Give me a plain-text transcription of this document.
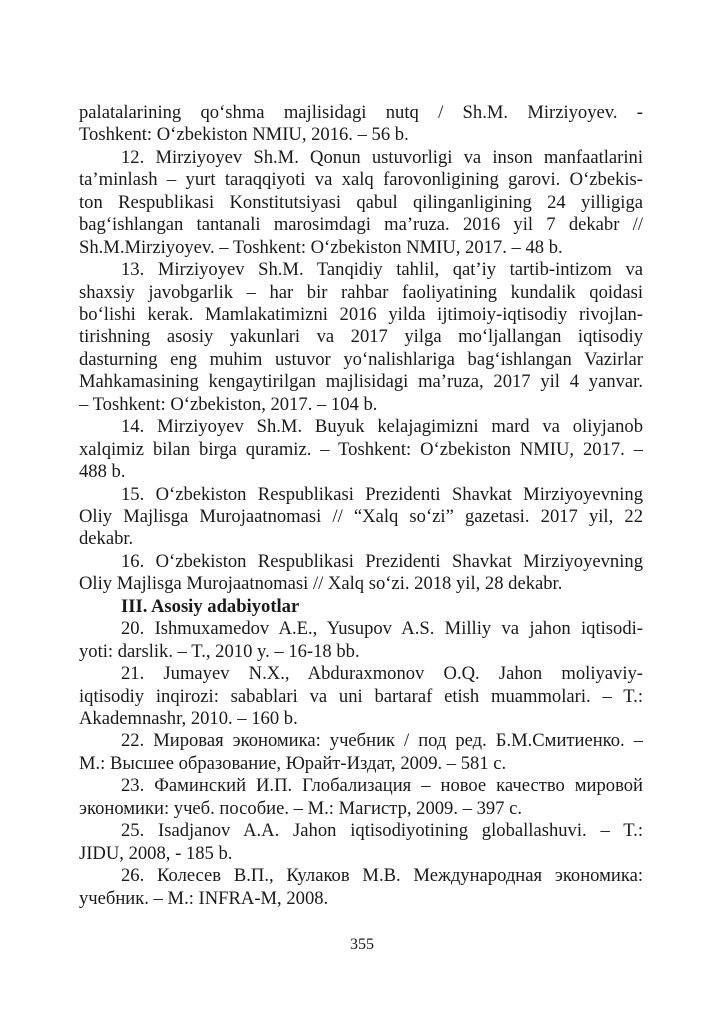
palatalarining qo‘shma majlisidagi nutq / Sh.M. Mirziyoyev. -
Toshkent: O‘zbekiston NMIU, 2016. – 56 b.
12. Mirziyoyev Sh.M. Qonun ustuvorligi va inson manfaatlarini
ta’minlash – yurt taraqqiyoti va xalq farovonligining garovi. O‘zbekis-
ton Respublikasi Konstitutsiyasi qabul qilinganligining 24 yilligiga
bag‘ishlangan tantanali marosimdagi ma’ruza. 2016 yil 7 dekabr //
Sh.M.Mirziyoyev. – Toshkent: O‘zbekiston NMIU, 2017. – 48 b.
13. Mirziyoyev Sh.M. Tanqidiy tahlil, qat’iy tartib-intizom va
shaxsiy javobgarlik – har bir rahbar faoliyatining kundalik qoidasi
bo‘lishi kerak. Mamlakatimizni 2016 yilda ijtimoiy-iqtisodiy rivojlan-
tirishning asosiy yakunlari va 2017 yilga mo‘ljallangan iqtisodiy
dasturning eng muhim ustuvor yo‘nalishlariga bag‘ishlangan Vazirlar
Mahkamasining kengaytirilgan majlisidagi ma’ruza, 2017 yil 4 yanvar.
– Toshkent: O‘zbekiston, 2017. – 104 b.
14. Mirziyoyev Sh.M. Buyuk kelajagimizni mard va oliyjanob
xalqimiz bilan birga quramiz. – Toshkent: O‘zbekiston NMIU, 2017. –
488 b.
15. O‘zbekiston Respublikasi Prezidenti Shavkat Mirziyoyevning
Oliy Majlisga Murojaatnomasi // “Xalq so‘zi” gazetasi. 2017 yil, 22
dekabr.
16. O‘zbekiston Respublikasi Prezidenti Shavkat Mirziyoyevning
Oliy Majlisga Murojaatnomasi // Xalq so‘zi. 2018 yil, 28 dekabr.
III. Asosiy adabiyotlar
20. Ishmuxamedov A.E., Yusupov A.S. Milliy va jahon iqtisodi-
yoti: darslik. – T., 2010 y. – 16-18 bb.
21. Jumayev N.X., Abduraxmonov O.Q. Jahon moliyaviy-
iqtisodiy inqirozi: sabablari va uni bartaraf etish muammolari. – T.:
Akademnashr, 2010. – 160 b.
22. Мировая экономика: учебник / под ред. Б.М.Смитиенко. –
М.: Высшее образование, Юрайт-Издат, 2009. – 581 с.
23. Фаминский И.П. Глобализация – новое качество мировой
экономики: учеб. пособие. – М.: Магистр, 2009. – 397 с.
25. Isadjanov A.A. Jahon iqtisodiyotining globallashuvi. – T.:
JIDU, 2008, - 185 b.
26. Колесев В.П., Кулаков М.В. Международная экономика:
учебник. – М.: INFRA-M, 2008.
355
